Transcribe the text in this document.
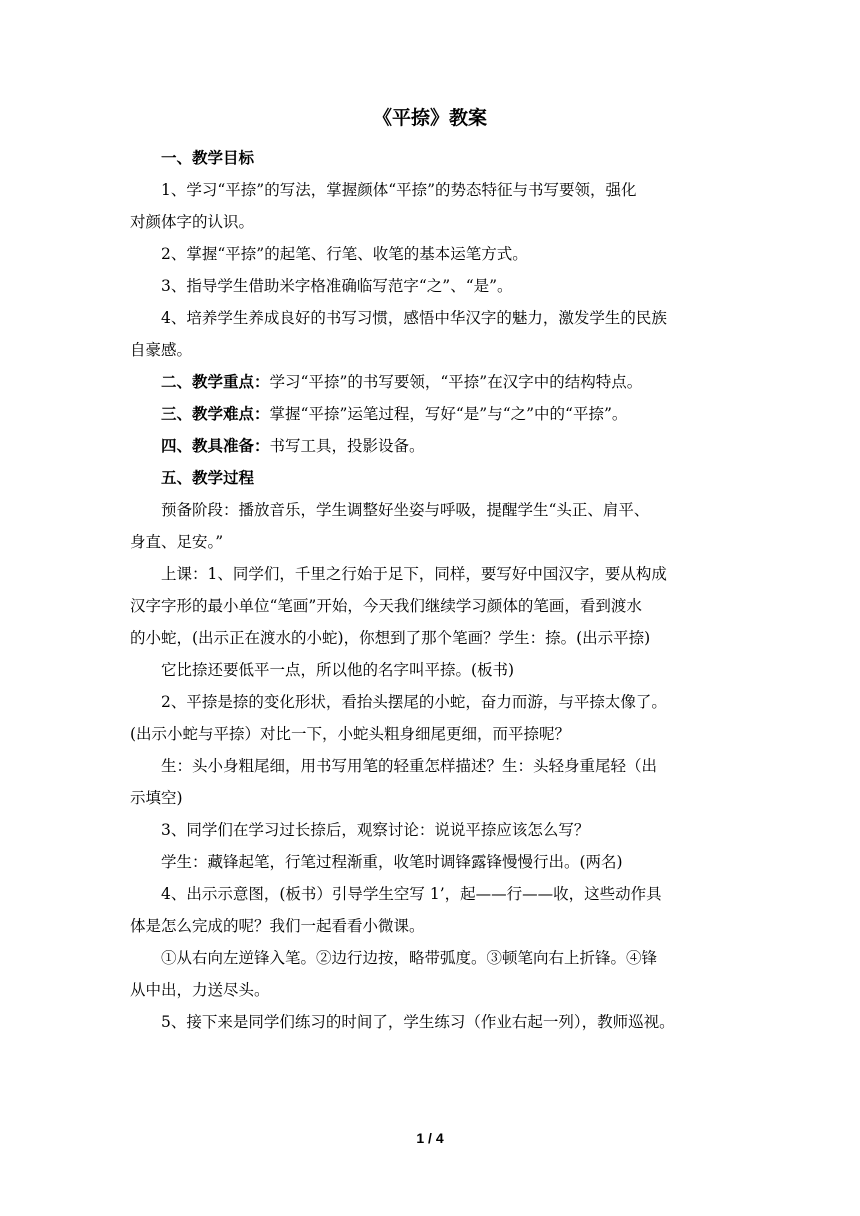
《平捺》教案

一、教学目标

1、学习“平捺”的写法，掌握颜体“平捺”的势态特征与书写要领，强化
对颜体字的认识。

2、掌握“平捺”的起笔、行笔、收笔的基本运笔方式。

3、指导学生借助米字格准确临写范字“之”、“是”。

4、培养学生养成良好的书写习惯，感悟中华汉字的魅力，激发学生的民族
自豪感。

二、教学重点：学习“平捺”的书写要领，“平捺”在汉字中的结构特点。

三、教学难点：掌握“平捺”运笔过程，写好“是”与“之”中的“平捺”。

四、教具准备：书写工具，投影设备。

五、教学过程

预备阶段：播放音乐，学生调整好坐姿与呼吸，提醒学生“头正、肩平、
身直、足安。”

上课：1、同学们，千里之行始于足下，同样，要写好中国汉字，要从构成
汉字字形的最小单位“笔画”开始，今天我们继续学习颜体的笔画，看到渡水
的小蛇，(出示正在渡水的小蛇)，你想到了那个笔画？学生：捺。(出示平捺)

它比捺还要低平一点，所以他的名字叫平捺。(板书)

2、平捺是捺的变化形状，看抬头摆尾的小蛇，奋力而游，与平捺太像了。
(出示小蛇与平捺）对比一下，小蛇头粗身细尾更细，而平捺呢？

生：头小身粗尾细，用书写用笔的轻重怎样描述？生：头轻身重尾轻（出
示填空)

3、同学们在学习过长捺后，观察讨论：说说平捺应该怎么写？

学生：藏锋起笔，行笔过程渐重，收笔时调锋露锋慢慢行出。(两名)

4、出示示意图，(板书）引导学生空写 1’，起——行——收，这些动作具
体是怎么完成的呢？我们一起看看小微课。

①从右向左逆锋入笔。②边行边按，略带弧度。③顿笔向右上折锋。④锋
从中出，力送尽头。

5、接下来是同学们练习的时间了，学生练习（作业右起一列），教师巡视。

1 / 4
